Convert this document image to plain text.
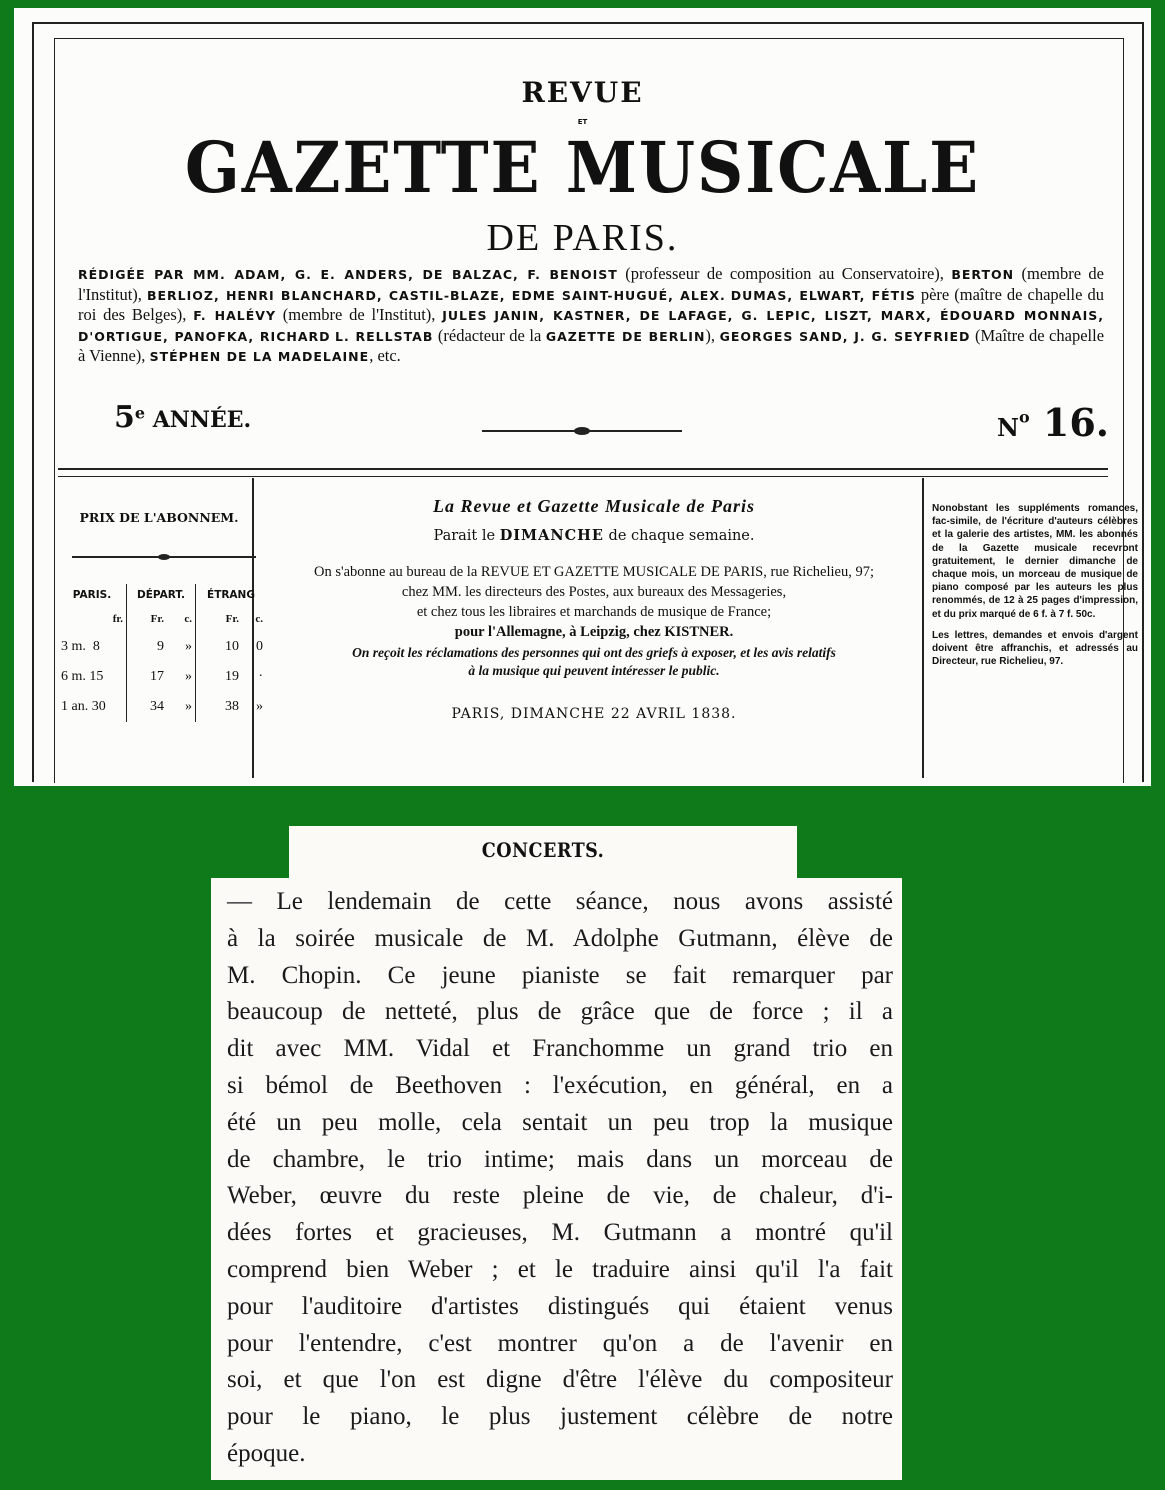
REVUE
ET
GAZETTE MUSICALE
DE PARIS.
RÉDIGÉE PAR MM. ADAM, G. E. ANDERS, DE BALZAC, F. BENOIST (professeur de composition au Conservatoire), BERTON (membre de l'Institut), BERLIOZ, HENRI BLANCHARD, CASTIL-BLAZE, EDME SAINT-HUGUÉ, ALEX. DUMAS, ELWART, FÉTIS père (maître de chapelle du roi des Belges), F. HALÉVY (membre de l'Institut), JULES JANIN, KASTNER, DE LAFAGE, G. LEPIC, LISZT, MARX, ÉDOUARD MONNAIS, D'ORTIGUE, PANOFKA, RICHARD L. RELLSTAB (rédacteur de la GAZETTE DE BERLIN), GEORGES SAND, J. G. SEYFRIED (Maître de chapelle à Vienne), STÉPHEN DE LA MADELAINE, etc.
5e ANNÉE.	$N^o$ 16.
PRIX DE L'ABONNEM.
PARIS.	DÉPART.		ÉTRANG	
fr.	Fr.	c.	Fr.	c.
3 m. 8	9	»	10	0
6 m. 15	17	»	19	·
1 an. 30	34	»	38	»
La Revue et Gazette Musicale de Paris
Parait le DIMANCHE de chaque semaine.
On s'abonne au bureau de la REVUE ET GAZETTE MUSICALE DE PARIS, rue Richelieu, 97;
chez MM. les directeurs des Postes, aux bureaux des Messageries,
et chez tous les libraires et marchands de musique de France;
pour l'Allemagne, à Leipzig, chez KISTNER.
On reçoit les réclamations des personnes qui ont des griefs à exposer, et les avis relatifs
à la musique qui peuvent intéresser le public.
PARIS, DIMANCHE 22 AVRIL 1838.

Nonobstant les suppléments romances, fac-simile, de l'écriture d'auteurs célèbres et la galerie des artistes, MM. les abonnés de la Gazette musicale recevront gratuitement, le dernier dimanche de chaque mois, un morceau de musique de piano composé par les auteurs les plus renommés, de 12 à 25 pages d'impression, et du prix marqué de 6 f. à 7 f. 50c.

Les lettres, demandes et envois d'argent doivent être affranchis, et adressés au Directeur, rue Richelieu, 97.

CONCERTS.
— Le lendemain de cette séance, nous avons assisté
à la soirée musicale de M. Adolphe Gutmann, élève de
M. Chopin. Ce jeune pianiste se fait remarquer par
beaucoup de netteté, plus de grâce que de force ; il a
dit avec MM. Vidal et Franchomme un grand trio en
si bémol de Beethoven : l'exécution, en général, en a
été un peu molle, cela sentait un peu trop la musique
de chambre, le trio intime; mais dans un morceau de
Weber, œuvre du reste pleine de vie, de chaleur, d'i-
dées fortes et gracieuses, M. Gutmann a montré qu'il
comprend bien Weber ; et le traduire ainsi qu'il l'a fait
pour l'auditoire d'artistes distingués qui étaient venus
pour l'entendre, c'est montrer qu'on a de l'avenir en
soi, et que l'on est digne d'être l'élève du compositeur
pour le piano, le plus justement célèbre de notre
époque.
